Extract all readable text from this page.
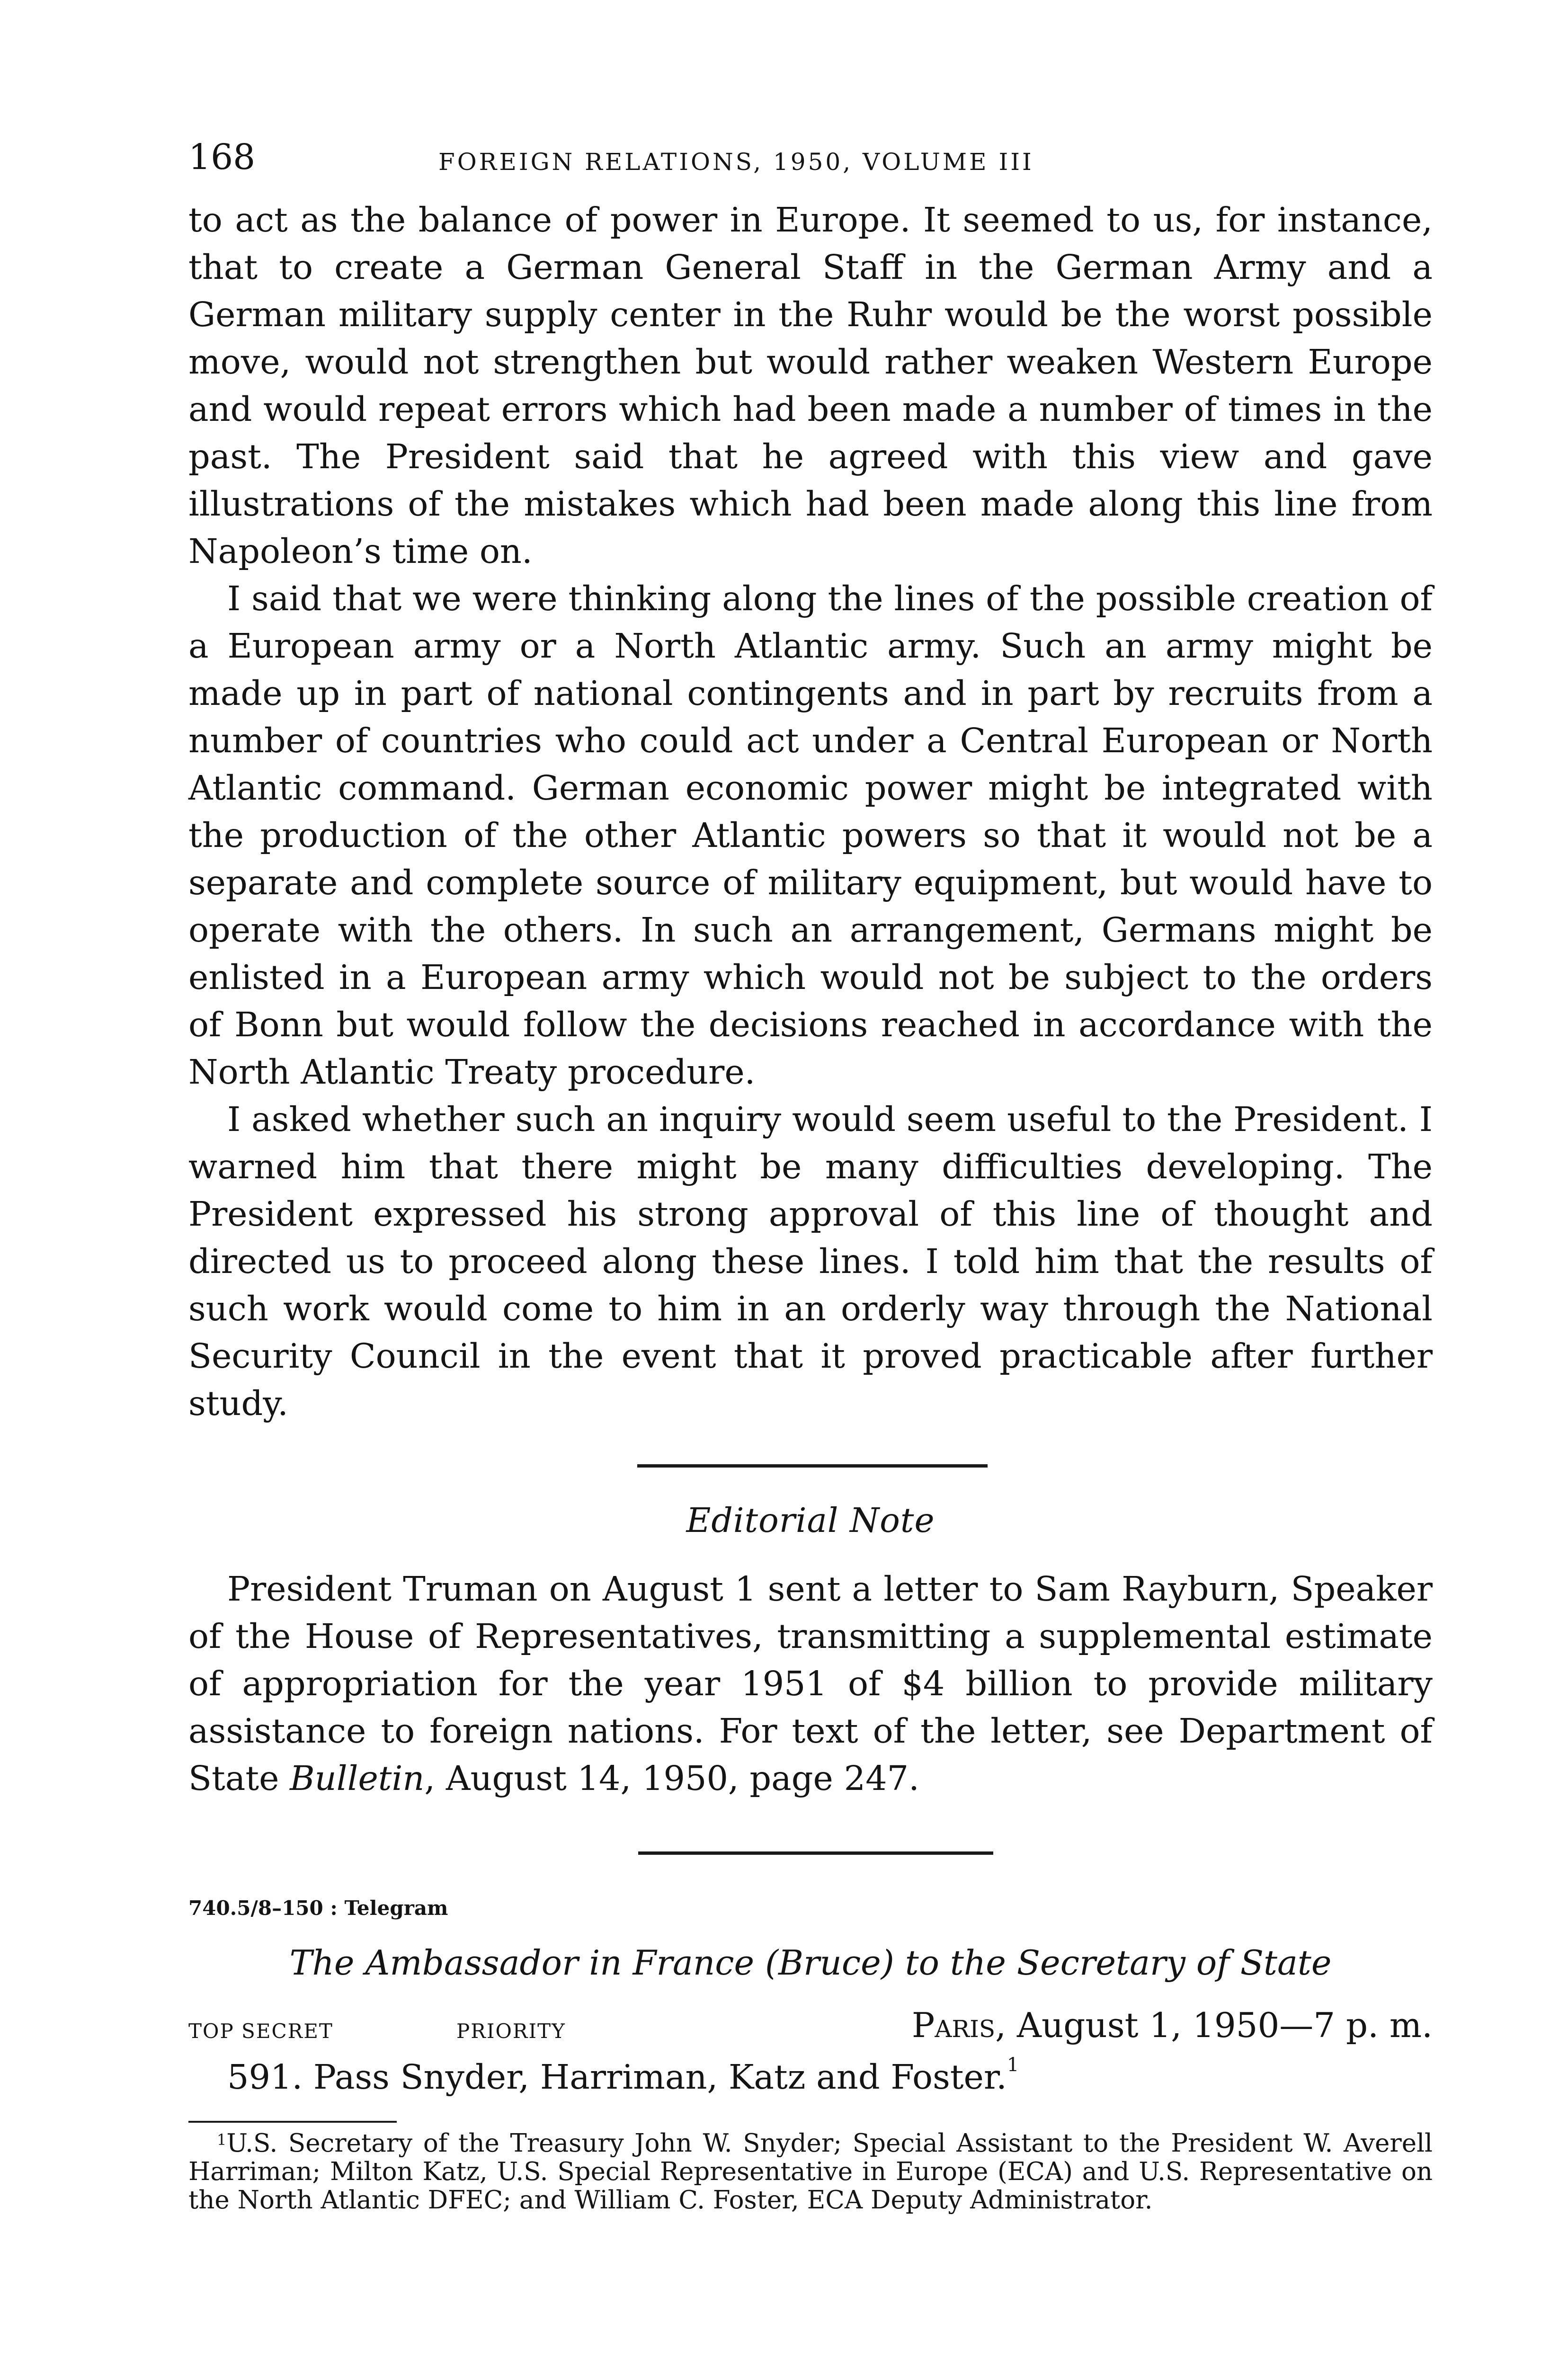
168	FOREIGN RELATIONS, 1950, VOLUME III

to act as the balance of power in Europe. It seemed to us, for instance, that to create a German General Staff in the German Army and a German military supply center in the Ruhr would be the worst possible move, would not strengthen but would rather weaken Western Europe and would repeat errors which had been made a number of times in the past. The President said that he agreed with this view and gave illustrations of the mistakes which had been made along this line from Napoleon’s time on.

I said that we were thinking along the lines of the possible creation of a European army or a North Atlantic army. Such an army might be made up in part of national contingents and in part by recruits from a number of countries who could act under a Central European or North Atlantic command. German economic power might be integrated with the production of the other Atlantic powers so that it would not be a separate and complete source of military equipment, but would have to operate with the others. In such an arrangement, Germans might be enlisted in a European army which would not be subject to the orders of Bonn but would follow the decisions reached in accordance with the North Atlantic Treaty procedure.

I asked whether such an inquiry would seem useful to the President. I warned him that there might be many difficulties developing. The President expressed his strong approval of this line of thought and directed us to proceed along these lines. I told him that the results of such work would come to him in an orderly way through the National Security Council in the event that it proved practicable after further study.

Editorial Note

President Truman on August 1 sent a letter to Sam Rayburn, Speaker of the House of Representatives, transmitting a supplemental estimate of appropriation for the year 1951 of $4 billion to provide military assistance to foreign nations. For text of the letter, see Department of State Bulletin, August 14, 1950, page 247.

740.5/8–150 : Telegram
The Ambassador in France (Bruce) to the Secretary of State
TOP SECRET	PRIORITY	Paris, August 1, 1950—7 p. m.
591. Pass Snyder, Harriman, Katz and Foster.$^1$

$^1$U.S. Secretary of the Treasury John W. Snyder; Special Assistant to the President W. Averell Harriman; Milton Katz, U.S. Special Representative in Europe (ECA) and U.S. Representative on the North Atlantic DFEC; and William C. Foster, ECA Deputy Administrator.
